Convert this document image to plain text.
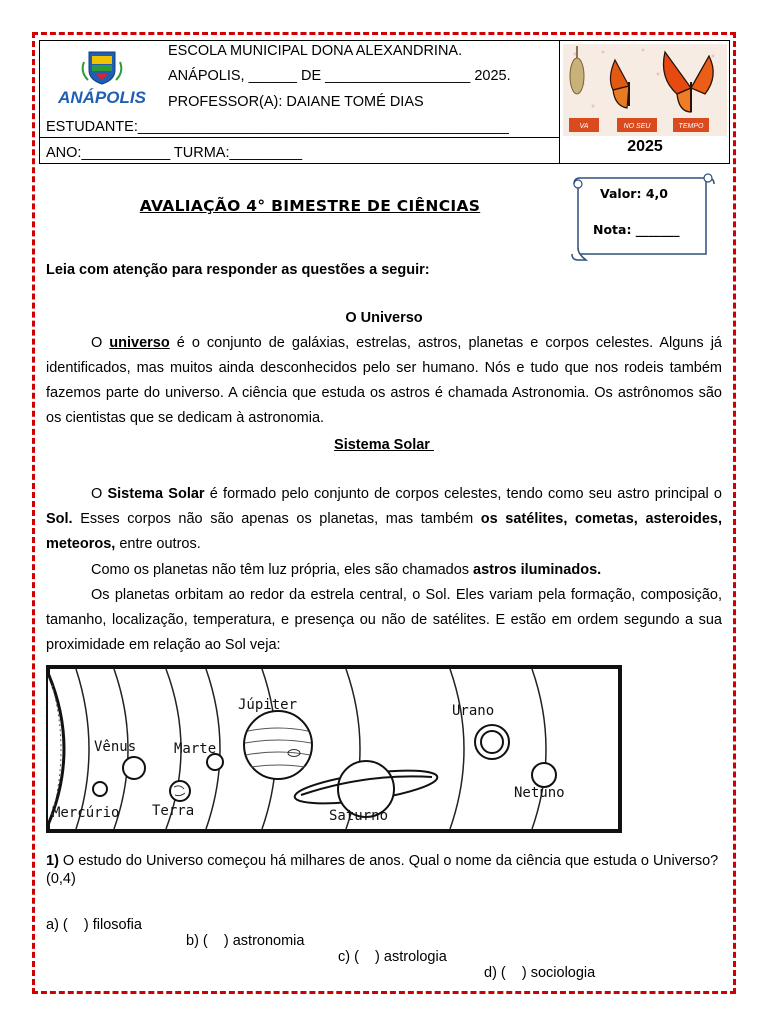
ANÁPOLIS
ESCOLA MUNICIPAL DONA ALEXANDRINA.
ANÁPOLIS, ______ DE __________________ 2025.
PROFESSOR(A): DAIANE TOMÉ DIAS
ESTUDANTE:______________________________________________
ANO:___________ TURMA:_________
VA	NO SEU	TEMPO
2025
AVALIAÇÃO 4° BIMESTRE DE CIÊNCIAS
Valor: 4,0
Nota: _______
Leia com atenção para responder as questões a seguir:
O Universo
O universo é o conjunto de galáxias, estrelas, astros, planetas e corpos celestes. Alguns já identificados, mas muitos ainda desconhecidos pelo ser humano. Nós e tudo que nos rodeis também fazemos parte do universo. A ciência que estuda os astros é chamada Astronomia. Os astrônomos são os cientistas que se dedicam à astronomia.
Sistema Solar
O Sistema Solar é formado pelo conjunto de corpos celestes, tendo como seu astro principal o Sol. Esses corpos não são apenas os planetas, mas também os satélites, cometas, asteroides, meteoros, entre outros.
Como os planetas não têm luz própria, eles são chamados astros iluminados.
Os planetas orbitam ao redor da estrela central, o Sol. Eles variam pela formação, composição, tamanho, localização, temperatura, e presença ou não de satélites. E estão em ordem segundo a sua proximidade em relação ao Sol veja:
Vênus	Marte
Júpiter	Urano
Mercúrio Terra	Saturno
Netuno
1) O estudo do Universo começou há milhares de anos. Qual o nome da ciência que estuda o Universo? (0,4)

a) (    ) filosofia

b) (    ) astronomia

c) (    ) astrologia

d) (    ) sociologia
